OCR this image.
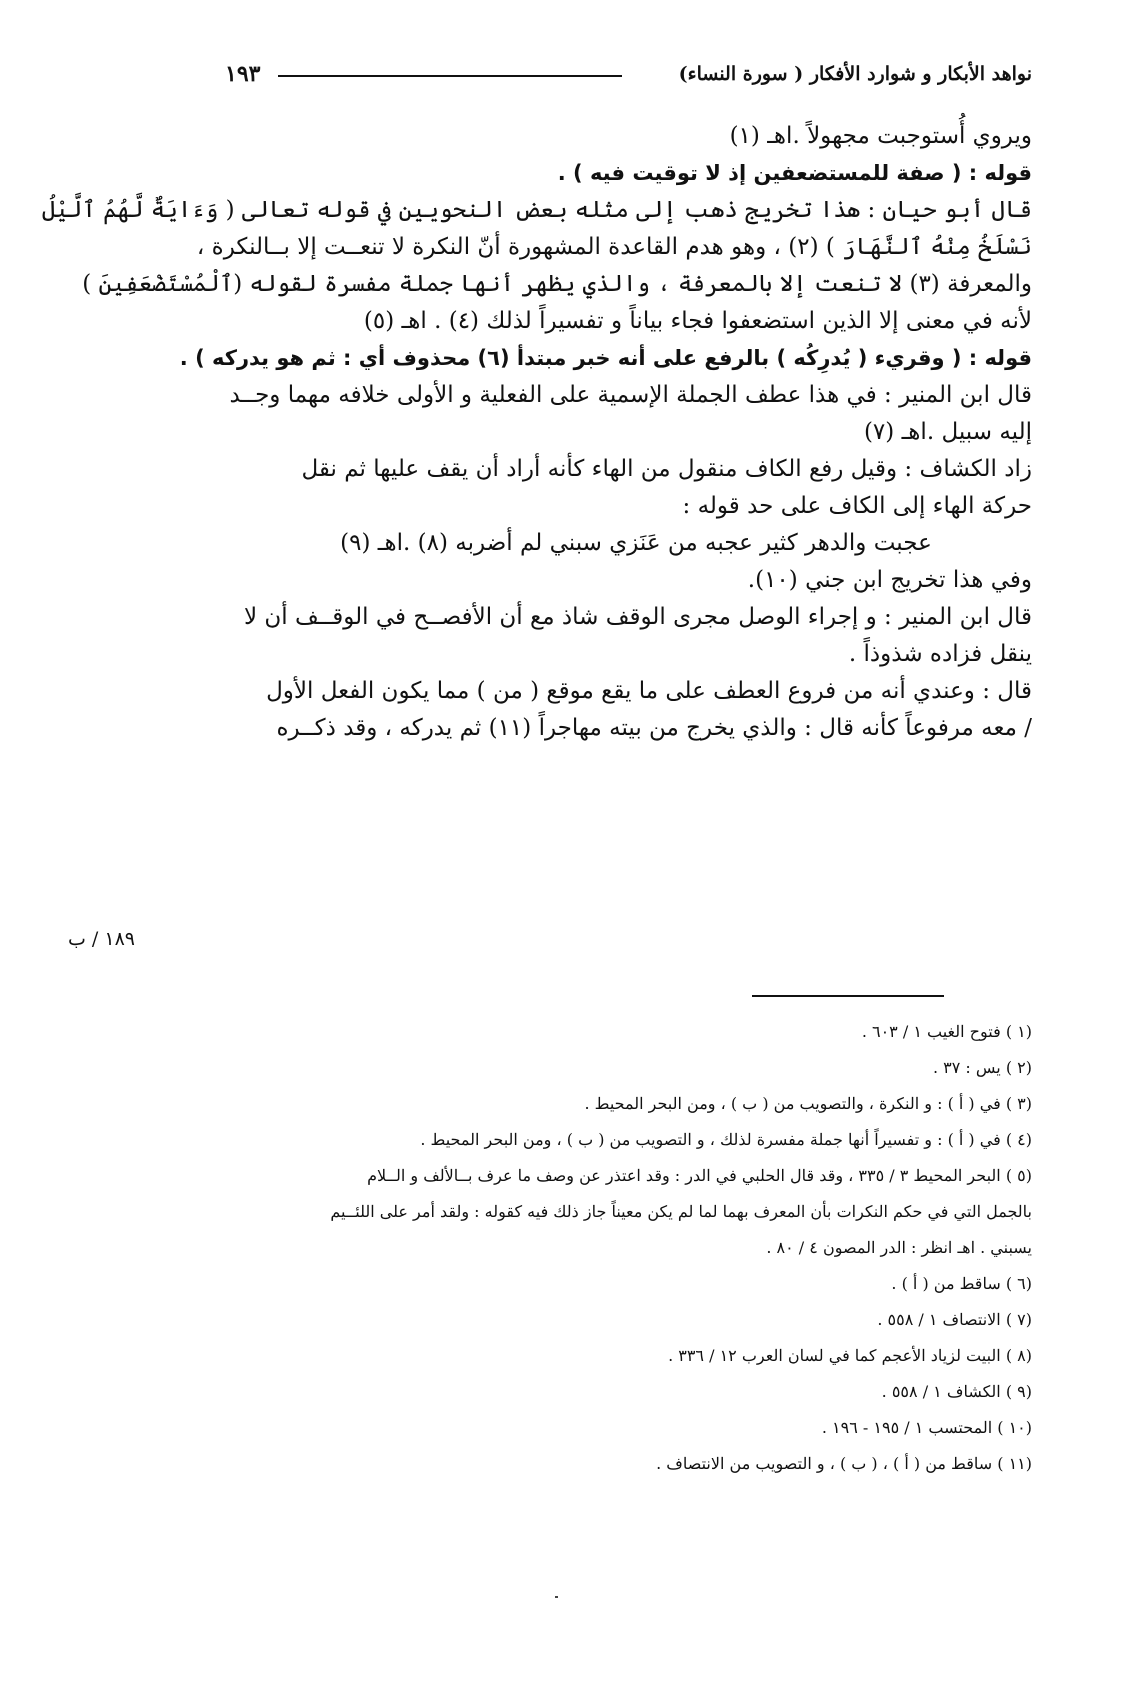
١٩٣	نواهد الأبكار و شوارد الأفكار ( سورة النساء)

ويروي أُستوجبت مجهولاً .اهـ (١)

قوله : ( صفة للمستضعفين إذ لا توقيت فيه ) .

قال أبو حيان : هذا تخريج ذهب إلى مثله بعض النحويين في قوله تعالى ( وَءَايَةٌ لَّهُمُ ٱلَّيْلُ

نَسْلَخُ مِنْهُ ٱلنَّهَارَ ) (٢) ، وهو هدم القاعدة المشهورة أنّ النكرة لا تنعــت إلا بــالنكرة ،

والمعرفة (٣) لا تنعت إلا بالمعرفة ، والذي يظهر أنها جملة مفسرة لقوله (ٱلْمُسْتَضْعَفِينَ )

لأنه في معنى إلا الذين استضعفوا فجاء بياناً و تفسيراً لذلك (٤) . اهـ (٥)

قوله : ( وقريء ( يُدرِكُه ) بالرفع على أنه خبر مبتدأ (٦) محذوف أي : ثم هو يدركه ) .

قال ابن المنير : في هذا عطف الجملة الإسمية على الفعلية و الأولى خلافه مهما وجــد

إليه سبيل .اهـ (٧)

زاد الكشاف : وقيل رفع الكاف منقول من الهاء كأنه أراد أن يقف عليها ثم نقل

حركة الهاء إلى الكاف على حد قوله :

عجبت والدهر كثير عجبه من عَنَزي سبني لم أضربه (٨) .اهـ (٩)

وفي هذا تخريج ابن جني (١٠).

قال ابن المنير : و إجراء الوصل مجرى الوقف شاذ مع أن الأفصــح في الوقــف أن لا

ينقل فزاده شذوذاً .

قال : وعندي أنه من فروع العطف على ما يقع موقع ( من ) مما يكون الفعل الأول

/ معه مرفوعاً كأنه قال : والذي يخرج من بيته مهاجراً (١١) ثم يدركه ، وقد ذكــره

١٨٩ / ب

(١ ) فتوح الغيب ١ / ٦٠٣ .

(٢ ) يس : ٣٧ .

(٣ ) في ( أ ) : و النكرة ، والتصويب من ( ب ) ، ومن البحر المحيط .

(٤ ) في ( أ ) : و تفسيراً أنها جملة مفسرة لذلك ، و التصويب من ( ب ) ، ومن البحر المحيط .

(٥ ) البحر المحيط ٣ / ٣٣٥ ، وقد قال الحلبي في الدر : وقد اعتذر عن وصف ما عرف بــالألف و الــلام

بالجمل التي في حكم النكرات بأن المعرف بهما لما لم يكن معيناً جاز ذلك فيه كقوله : ولقد أمر على اللئــيم

يسبني . اهـ انظر : الدر المصون ٤ / ٨٠ .

(٦ ) ساقط من ( أ ) .

(٧ ) الانتصاف ١ / ٥٥٨ .

(٨ ) البيت لزياد الأعجم كما في لسان العرب ١٢ / ٣٣٦ .

(٩ ) الكشاف ١ / ٥٥٨ .

(١٠ ) المحتسب ١ / ١٩٥ - ١٩٦ .

(١١ ) ساقط من ( أ ) ، ( ب ) ، و التصويب من الانتصاف .
